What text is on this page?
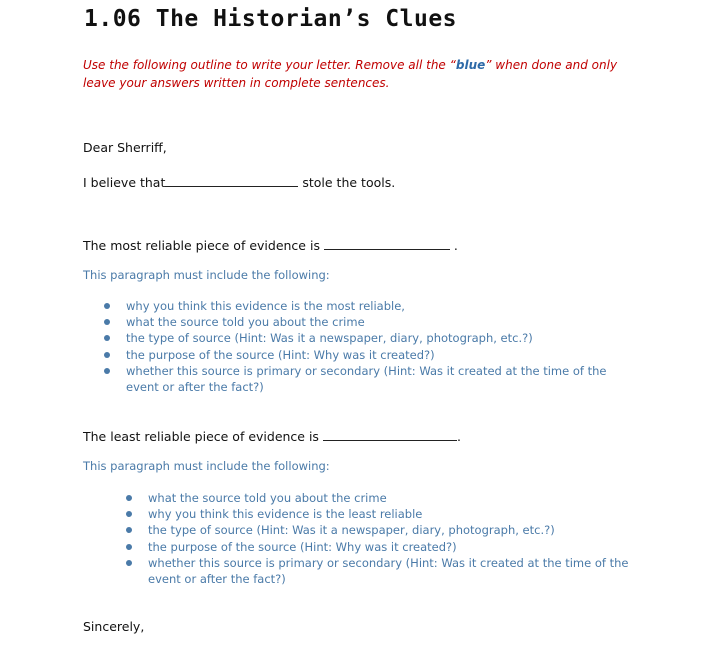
1.06 The Historian’s Clues
Use the following outline to write your letter. Remove all the “blue” when done and only leave your answers written in complete sentences.
Dear Sherriff,
I believe that	stole the tools.
The most reliable piece of evidence is	.
This paragraph must include the following:
why you think this evidence is the most reliable,
what the source told you about the crime
the type of source (Hint: Was it a newspaper, diary, photograph, etc.?)
the purpose of the source (Hint: Why was it created?)
whether this source is primary or secondary (Hint: Was it created at the time of the event or after the fact?)
The least reliable piece of evidence is	.
This paragraph must include the following:
what the source told you about the crime
why you think this evidence is the least reliable
the type of source (Hint: Was it a newspaper, diary, photograph, etc.?)
the purpose of the source (Hint: Why was it created?)
whether this source is primary or secondary (Hint: Was it created at the time of the event or after the fact?)
Sincerely,
